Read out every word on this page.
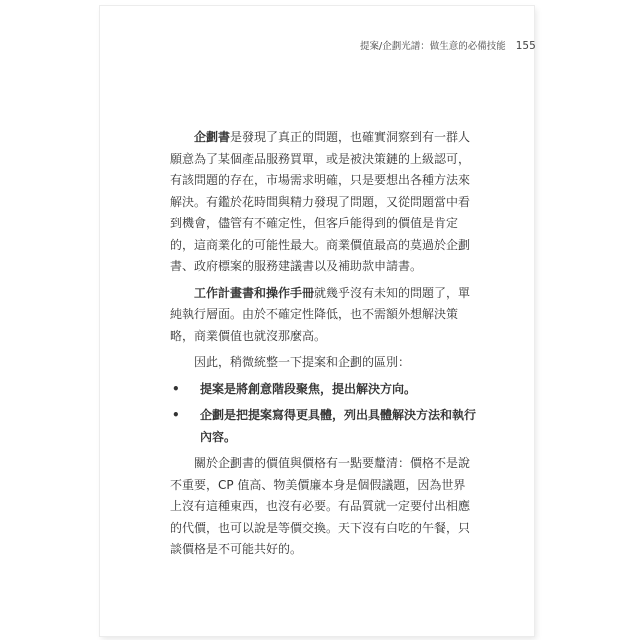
提案/企劃光譜：做生意的必備技能 155

企劃書是發現了真正的問題，也確實洞察到有一群人願意為了某個產品服務買單，或是被決策鏈的上級認可，有該問題的存在，市場需求明確，只是要想出各種方法來解決。有鑑於花時間與精力發現了問題，又從問題當中看到機會，儘管有不確定性，但客戶能得到的價值是肯定的，這商業化的可能性最大。商業價值最高的莫過於企劃書、政府標案的服務建議書以及補助款申請書。

工作計畫書和操作手冊就幾乎沒有未知的問題了，單純執行層面。由於不確定性降低，也不需額外想解決策略，商業價值也就沒那麼高。

因此，稍微統整一下提案和企劃的區別：

• 提案是將創意階段聚焦，提出解決方向。

• 企劃是把提案寫得更具體，列出具體解決方法和執行內容。

關於企劃書的價值與價格有一點要釐清：價格不是說不重要，CP 值高、物美價廉本身是個假議題，因為世界上沒有這種東西，也沒有必要。有品質就一定要付出相應的代價，也可以說是等價交換。天下沒有白吃的午餐，只談價格是不可能共好的。
